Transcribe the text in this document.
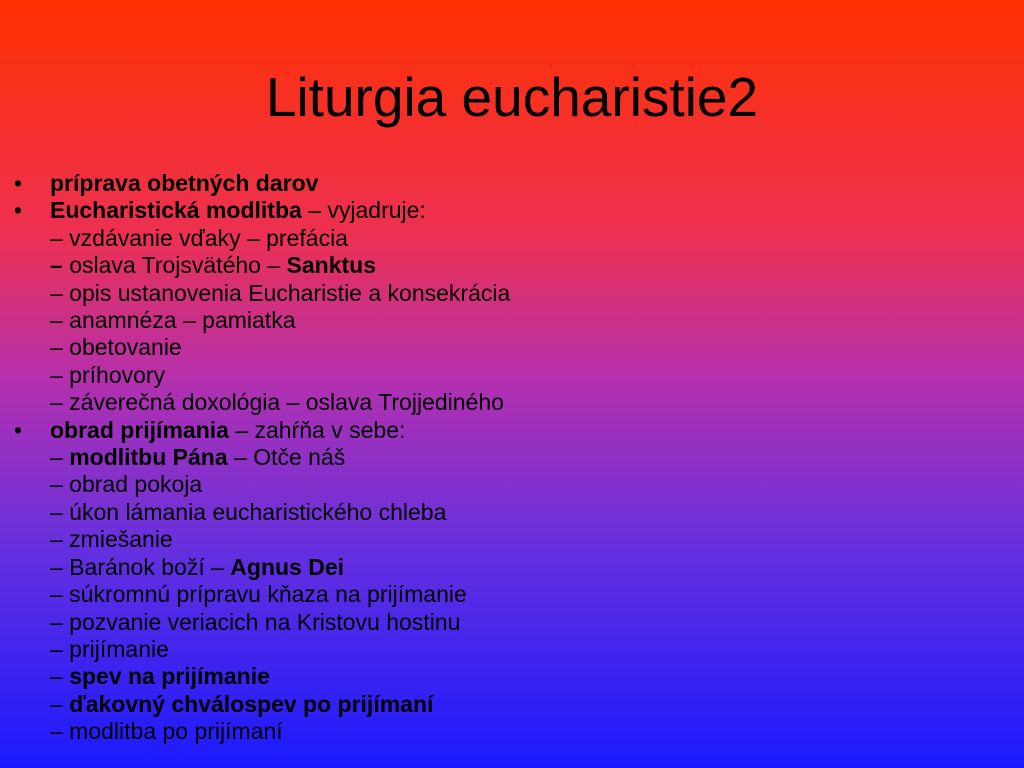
Liturgia eucharistie2
• príprava obetných darov
• Eucharistická modlitba – vyjadruje:
– vzdávanie vďaky – prefácia
– oslava Trojsvätého – Sanktus
– opis ustanovenia Eucharistie a konsekrácia
– anamnéza – pamiatka
– obetovanie
– príhovory
– záverečná doxológia – oslava Trojjediného
• obrad prijímania – zahŕňa v sebe:
– modlitbu Pána – Otče náš
– obrad pokoja
– úkon lámania eucharistického chleba
– zmiešanie
– Baránok boží – Agnus Dei
– súkromnú prípravu kňaza na prijímanie
– pozvanie veriacich na Kristovu hostinu
– prijímanie
– spev na prijímanie
– ďakovný chválospev po prijímaní
– modlitba po prijímaní
